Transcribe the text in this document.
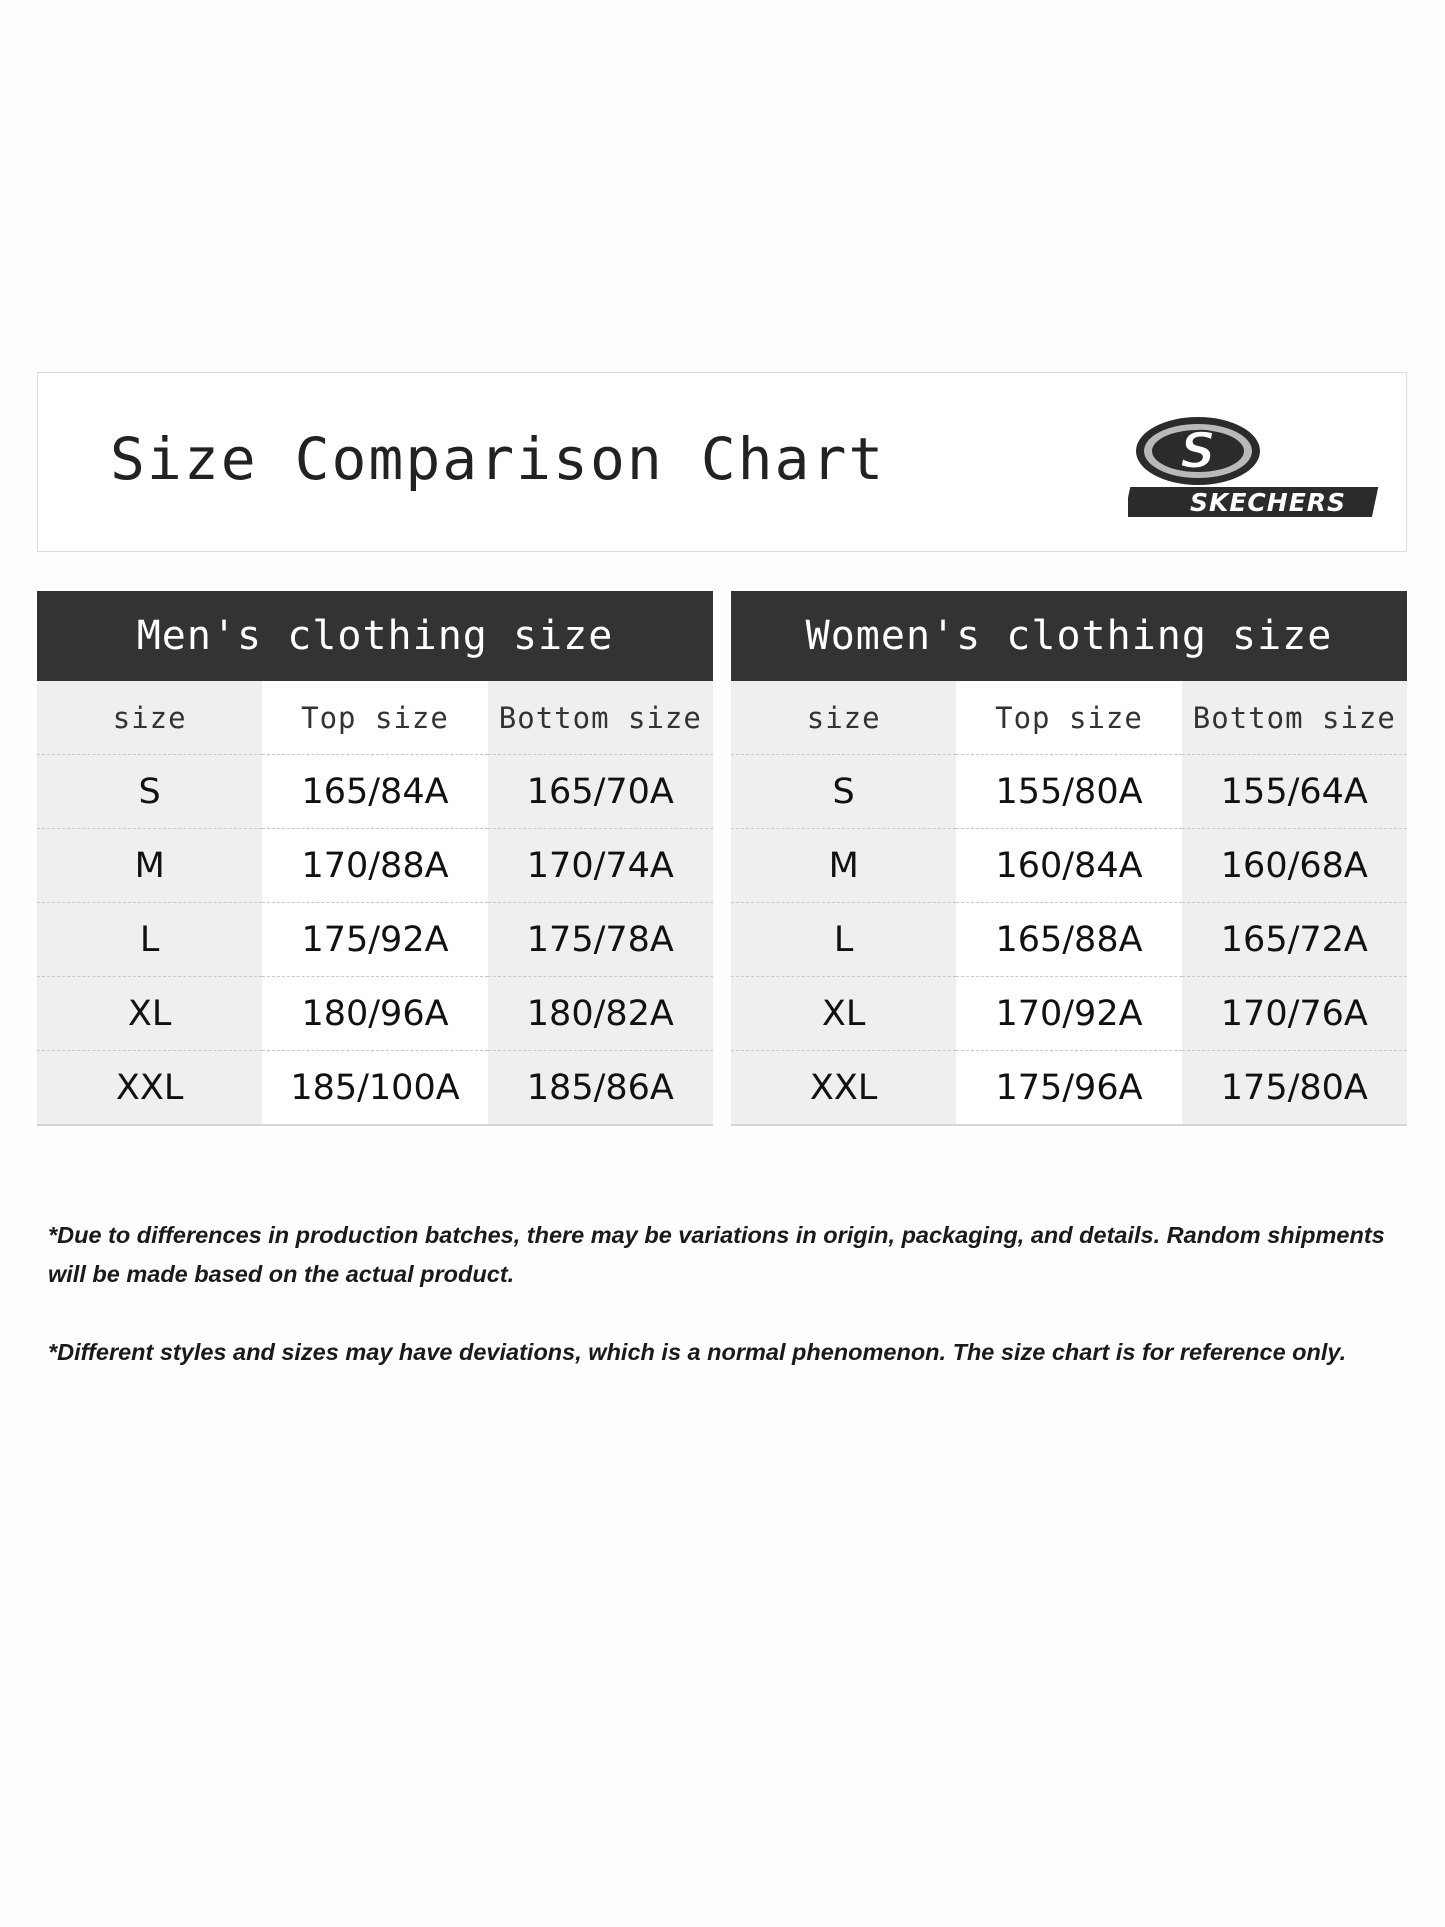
Size Comparison Chart	S
SKECHERS
Men's clothing size		
size	Top size	Bottom size
S	165/84A	165/70A
M	170/88A	170/74A
L	175/92A	175/78A
XL	180/96A	180/82A
XXL	185/100A	185/86A
Women's clothing size		
size	Top size	Bottom size
S	155/80A	155/64A
M	160/84A	160/68A
L	165/88A	165/72A
XL	170/92A	170/76A
XXL	175/96A	175/80A

*Due to differences in production batches, there may be variations in origin, packaging, and details. Random shipments will be made based on the actual product.

*Different styles and sizes may have deviations, which is a normal phenomenon. The size chart is for reference only.
